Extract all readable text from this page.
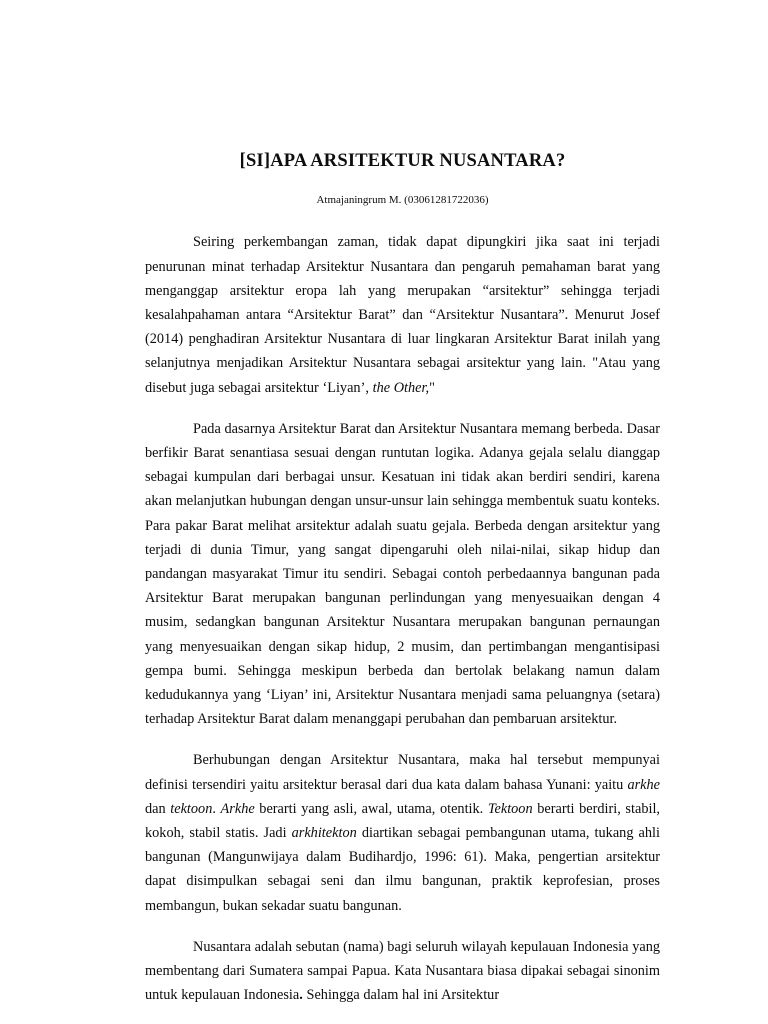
[SI]APA ARSITEKTUR NUSANTARA?
Atmajaningrum M. (03061281722036)

Seiring perkembangan zaman, tidak dapat dipungkiri jika saat ini terjadi penurunan minat terhadap Arsitektur Nusantara dan pengaruh pemahaman barat yang menganggap arsitektur eropa lah yang merupakan “arsitektur” sehingga terjadi kesalahpahaman antara “Arsitektur Barat” dan “Arsitektur Nusantara”. Menurut Josef (2014) penghadiran Arsitektur Nusantara di luar lingkaran Arsitektur Barat inilah yang selanjutnya menjadikan Arsitektur Nusantara sebagai arsitektur yang lain. "Atau yang disebut juga sebagai arsitektur ‘Liyan’, the Other,"

Pada dasarnya Arsitektur Barat dan Arsitektur Nusantara memang berbeda. Dasar berfikir Barat senantiasa sesuai dengan runtutan logika. Adanya gejala selalu dianggap sebagai kumpulan dari berbagai unsur. Kesatuan ini tidak akan berdiri sendiri, karena akan melanjutkan hubungan dengan unsur-unsur lain sehingga membentuk suatu konteks. Para pakar Barat melihat arsitektur adalah suatu gejala. Berbeda dengan arsitektur yang terjadi di dunia Timur, yang sangat dipengaruhi oleh nilai-nilai, sikap hidup dan pandangan masyarakat Timur itu sendiri. Sebagai contoh perbedaannya bangunan pada Arsitektur Barat merupakan bangunan perlindungan yang menyesuaikan dengan 4 musim, sedangkan bangunan Arsitektur Nusantara merupakan bangunan pernaungan yang menyesuaikan dengan sikap hidup, 2 musim, dan pertimbangan mengantisipasi gempa bumi. Sehingga meskipun berbeda dan bertolak belakang namun dalam kedudukannya yang ‘Liyan’ ini, Arsitektur Nusantara menjadi sama peluangnya (setara) terhadap Arsitektur Barat dalam menanggapi perubahan dan pembaruan arsitektur.

Berhubungan dengan Arsitektur Nusantara, maka hal tersebut mempunyai definisi tersendiri yaitu arsitektur berasal dari dua kata dalam bahasa Yunani: yaitu arkhe dan tektoon. Arkhe berarti yang asli, awal, utama, otentik. Tektoon berarti berdiri, stabil, kokoh, stabil statis. Jadi arkhitekton diartikan sebagai pembangunan utama, tukang ahli bangunan (Mangunwijaya dalam Budihardjo, 1996: 61). Maka, pengertian arsitektur dapat disimpulkan sebagai seni dan ilmu bangunan, praktik keprofesian, proses membangun, bukan sekadar suatu bangunan.

Nusantara adalah sebutan (nama) bagi seluruh wilayah kepulauan Indonesia yang membentang dari Sumatera sampai Papua. Kata Nusantara biasa dipakai sebagai sinonim untuk kepulauan Indonesia. Sehingga dalam hal ini Arsitektur
